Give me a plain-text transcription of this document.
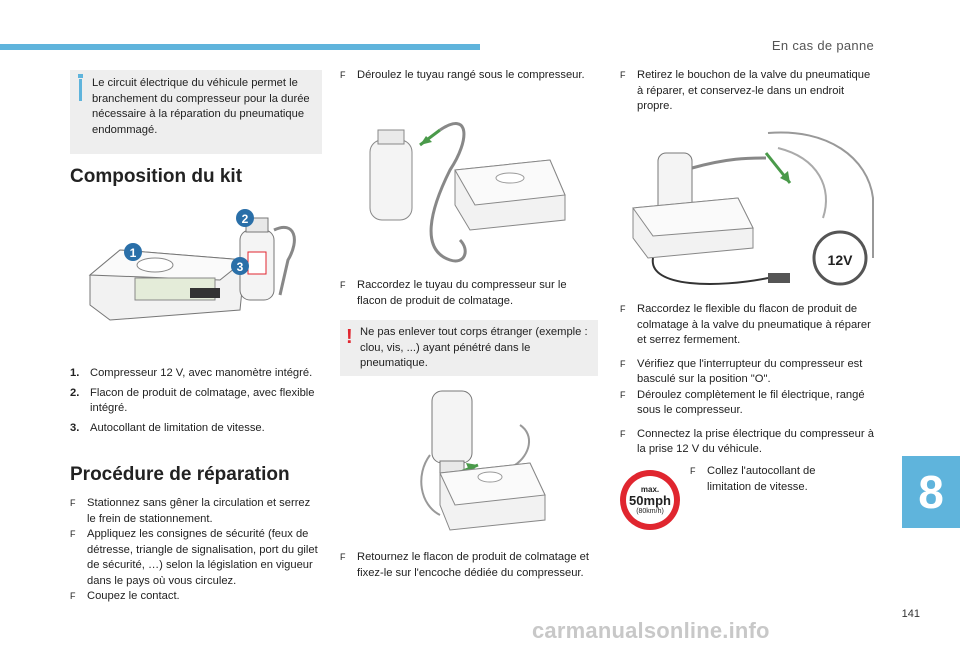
En cas de panne
141
8
Le circuit électrique du véhicule permet le branchement du compresseur pour la durée nécessaire à la réparation du pneumatique endommagé.
Composition du kit
1
2
3
1. Compresseur 12 V, avec manomètre intégré.
2. Flacon de produit de colmatage, avec flexible intégré.
3. Autocollant de limitation de vitesse.
Procédure de réparation
F Stationnez sans gêner la circulation et serrez le frein de stationnement.
F Appliquez les consignes de sécurité (feux de détresse, triangle de signalisation, port du gilet de sécurité, …) selon la législation en vigueur dans le pays où vous circulez.
F Coupez le contact.
F Déroulez le tuyau rangé sous le compresseur.
F Raccordez le tuyau du compresseur sur le flacon de produit de colmatage.
! Ne pas enlever tout corps étranger (exemple : clou, vis, ...) ayant pénétré dans le pneumatique.
F Retournez le flacon de produit de colmatage et fixez-le sur l'encoche dédiée du compresseur.
F Retirez le bouchon de la valve du pneumatique à réparer, et conservez-le dans un endroit propre.
12V
F Raccordez le flexible du flacon de produit de colmatage à la valve du pneumatique à réparer et serrez fermement.
F Vérifiez que l'interrupteur du compresseur est basculé sur la position "O".
F Déroulez complètement le fil électrique, rangé sous le compresseur.
F Connectez la prise électrique du compresseur à la prise 12 V du véhicule.
max.
50mph
(80km/h)
F Collez l'autocollant de limitation de vitesse.
carmanualsonline.info
